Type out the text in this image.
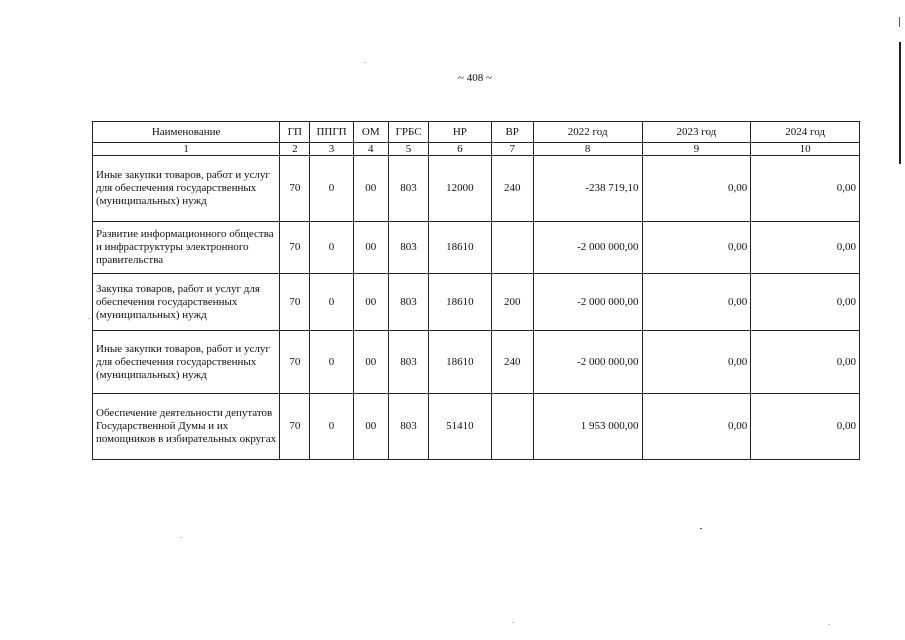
~ 408 ~
Наименование	ГП	ППГП	ОМ	ГРБС	НР	ВР	2022 год	2023 год	2024 год
1	2	3	4	5	6	7	8	9	10
Иные закупки товаров, работ и услуг для обеспечения государственных (муниципальных) нужд	70	0	00	803	12000	240	-238 719,10	0,00	0,00
Развитие информационного общества и инфраструктуры электронного правительства	70	0	00	803	18610		-2 000 000,00	0,00	0,00
Закупка товаров, работ и услуг для обеспечения государственных (муниципальных) нужд	70	0	00	803	18610	200	-2 000 000,00	0,00	0,00
Иные закупки товаров, работ и услуг для обеспечения государственных (муниципальных) нужд	70	0	00	803	18610	240	-2 000 000,00	0,00	0,00
Обеспечение деятельности депутатов Государственной Думы и их помощников в избирательных округах	70	0	00	803	51410		1 953 000,00	0,00	0,00
